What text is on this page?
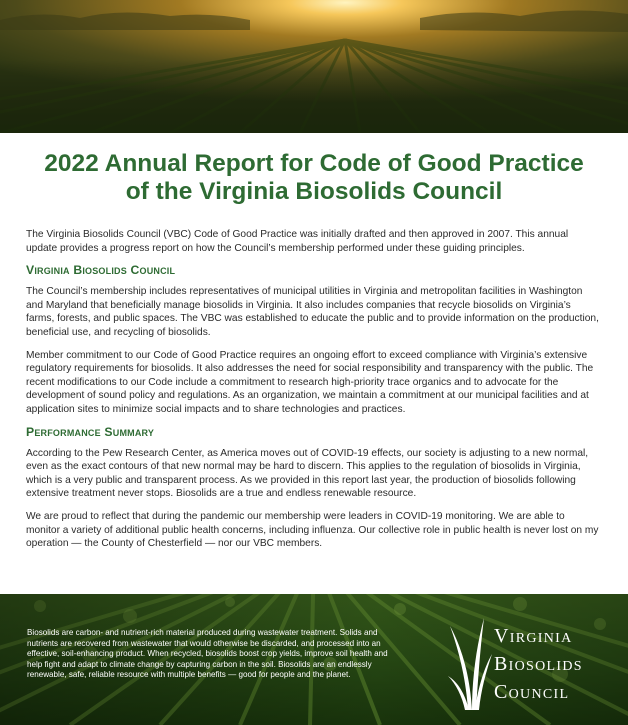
2022 Annual Report for Code of Good Practice
of the Virginia Biosolids Council

The Virginia Biosolids Council (VBC) Code of Good Practice was initially drafted and then approved in 2007. This annual update provides a progress report on how the Council’s membership performed under these guiding principles.

Virginia Biosolids Council

The Council’s membership includes representatives of municipal utilities in Virginia and metropolitan facilities in Washington and Maryland that beneficially manage biosolids in Virginia. It also includes companies that recycle biosolids on Virginia’s farms, forests, and public spaces. The VBC was established to educate the public and to provide information on the production, beneficial use, and recycling of biosolids.

Member commitment to our Code of Good Practice requires an ongoing effort to exceed compliance with Virginia’s extensive regulatory requirements for biosolids. It also addresses the need for social responsibility and transparency with the public. The recent modifications to our Code include a commitment to research high-priority trace organics and to advocate for the development of sound policy and regulations. As an organization, we maintain a commitment at our municipal facilities and at application sites to minimize social impacts and to share technologies and practices.

Performance Summary

According to the Pew Research Center, as America moves out of COVID-19 effects, our society is adjusting to a new normal, even as the exact contours of that new normal may be hard to discern. This applies to the regulation of biosolids in Virginia, which is a very public and transparent process. As we provided in this report last year, the production of biosolids following extensive treatment never stops. Biosolids are a true and endless renewable resource.

We are proud to reflect that during the pandemic our membership were leaders in COVID-19 monitoring. We are able to monitor a variety of additional public health concerns, including influenza. Our collective role in public health is never lost on my operation — the County of Chesterfield — nor our VBC members.

Biosolids are carbon- and nutrient-rich material produced during wastewater treatment. Solids and nutrients are recovered from wastewater that would otherwise be discarded, and processed into an effective, soil-enhancing product. When recycled, biosolids boost crop yields, improve soil health and help fight and adapt to climate change by capturing carbon in the soil. Biosolids are an endlessly renewable, safe, reliable resource with multiple benefits — good for people and the planet.

Virginia
Biosolids
Council
